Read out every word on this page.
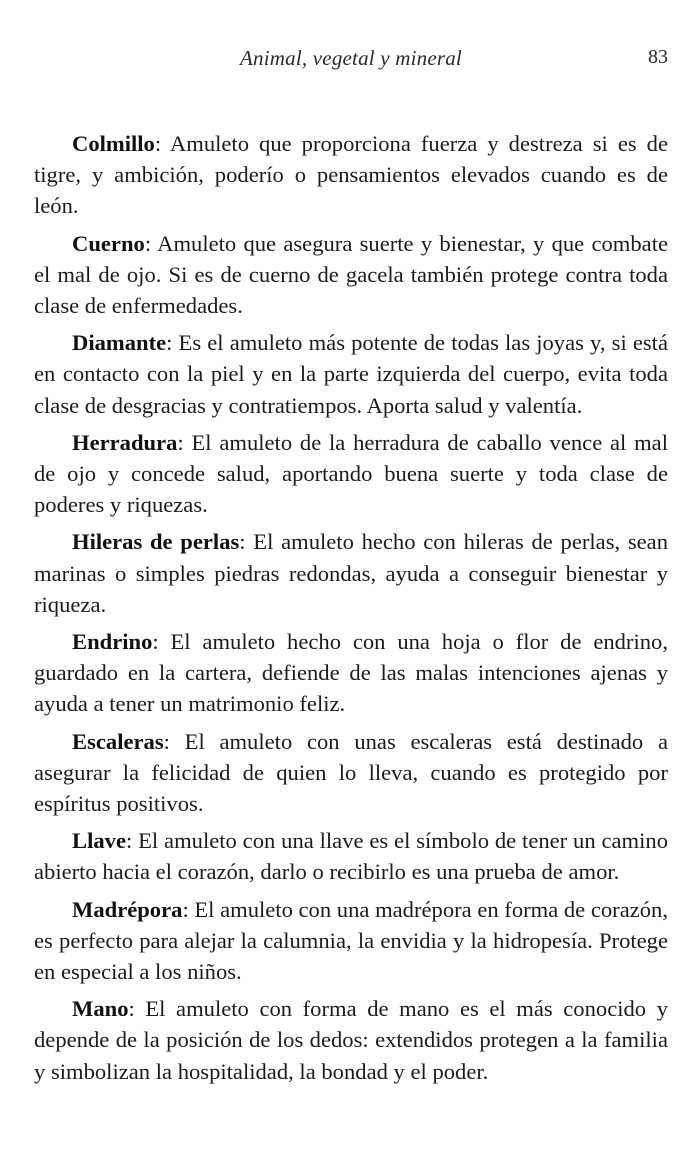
Animal, vegetal y mineral	83

Colmillo: Amuleto que proporciona fuerza y destreza si es de tigre, y ambición, poderío o pensamientos elevados cuando es de león.

Cuerno: Amuleto que asegura suerte y bienestar, y que combate el mal de ojo. Si es de cuerno de gacela también protege contra toda clase de enfermedades.

Diamante: Es el amuleto más potente de todas las joyas y, si está en contacto con la piel y en la parte izquierda del cuerpo, evita toda clase de desgracias y contratiempos. Aporta salud y valentía.

Herradura: El amuleto de la herradura de caballo vence al mal de ojo y concede salud, aportando buena suerte y toda clase de poderes y riquezas.

Hileras de perlas: El amuleto hecho con hileras de perlas, sean marinas o simples piedras redondas, ayuda a conseguir bienestar y riqueza.

Endrino: El amuleto hecho con una hoja o flor de endrino, guardado en la cartera, defiende de las malas intenciones ajenas y ayuda a tener un matrimonio feliz.

Escaleras: El amuleto con unas escaleras está destinado a asegurar la felicidad de quien lo lleva, cuando es protegido por espíritus positivos.

Llave: El amuleto con una llave es el símbolo de tener un camino abierto hacia el corazón, darlo o recibirlo es una prueba de amor.

Madrépora: El amuleto con una madrépora en forma de corazón, es perfecto para alejar la calumnia, la envidia y la hidropesía. Protege en especial a los niños.

Mano: El amuleto con forma de mano es el más conocido y depende de la posición de los dedos: extendidos protegen a la familia y simbolizan la hospitalidad, la bondad y el poder.
